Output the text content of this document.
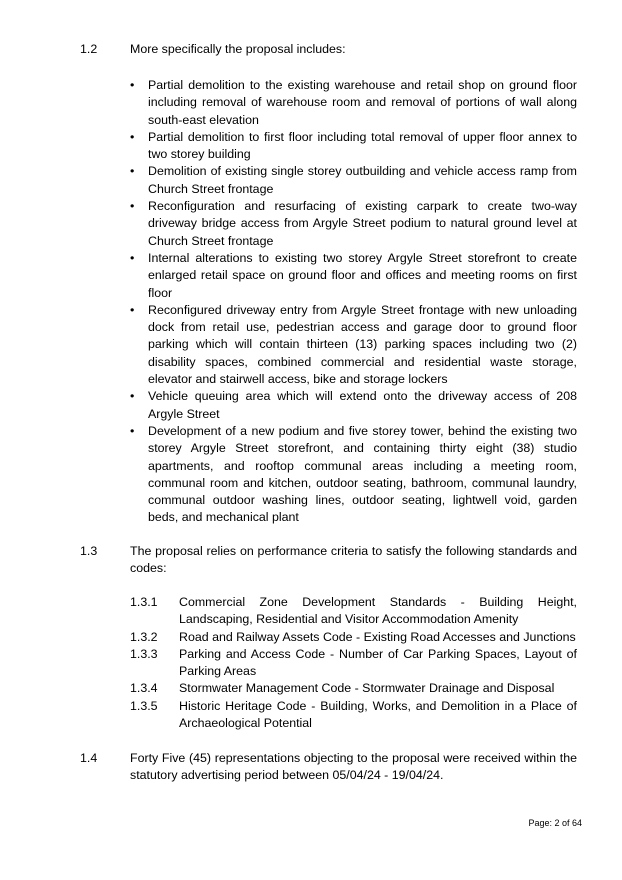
1.2	More specifically the proposal includes:
• Partial demolition to the existing warehouse and retail shop on ground floor including removal of warehouse room and removal of portions of wall along south-east elevation
• Partial demolition to first floor including total removal of upper floor annex to two storey building
• Demolition of existing single storey outbuilding and vehicle access ramp from Church Street frontage
• Reconfiguration and resurfacing of existing carpark to create two-way driveway bridge access from Argyle Street podium to natural ground level at Church Street frontage
• Internal alterations to existing two storey Argyle Street storefront to create enlarged retail space on ground floor and offices and meeting rooms on first floor
• Reconfigured driveway entry from Argyle Street frontage with new unloading dock from retail use, pedestrian access and garage door to ground floor parking which will contain thirteen (13) parking spaces including two (2) disability spaces, combined commercial and residential waste storage, elevator and stairwell access, bike and storage lockers
• Vehicle queuing area which will extend onto the driveway access of 208 Argyle Street
• Development of a new podium and five storey tower, behind the existing two storey Argyle Street storefront, and containing thirty eight (38) studio apartments, and rooftop communal areas including a meeting room, communal room and kitchen, outdoor seating, bathroom, communal laundry, communal outdoor washing lines, outdoor seating, lightwell void, garden beds, and mechanical plant
1.3	The proposal relies on performance criteria to satisfy the following standards and codes:
1.3.1 Commercial Zone Development Standards - Building Height, Landscaping, Residential and Visitor Accommodation Amenity
1.3.2 Road and Railway Assets Code - Existing Road Accesses and Junctions
1.3.3 Parking and Access Code - Number of Car Parking Spaces, Layout of Parking Areas
1.3.4 Stormwater Management Code - Stormwater Drainage and Disposal
1.3.5 Historic Heritage Code - Building, Works, and Demolition in a Place of Archaeological Potential
1.4	Forty Five (45) representations objecting to the proposal were received within the statutory advertising period between 05/04/24 - 19/04/24.
Page: 2 of 64
